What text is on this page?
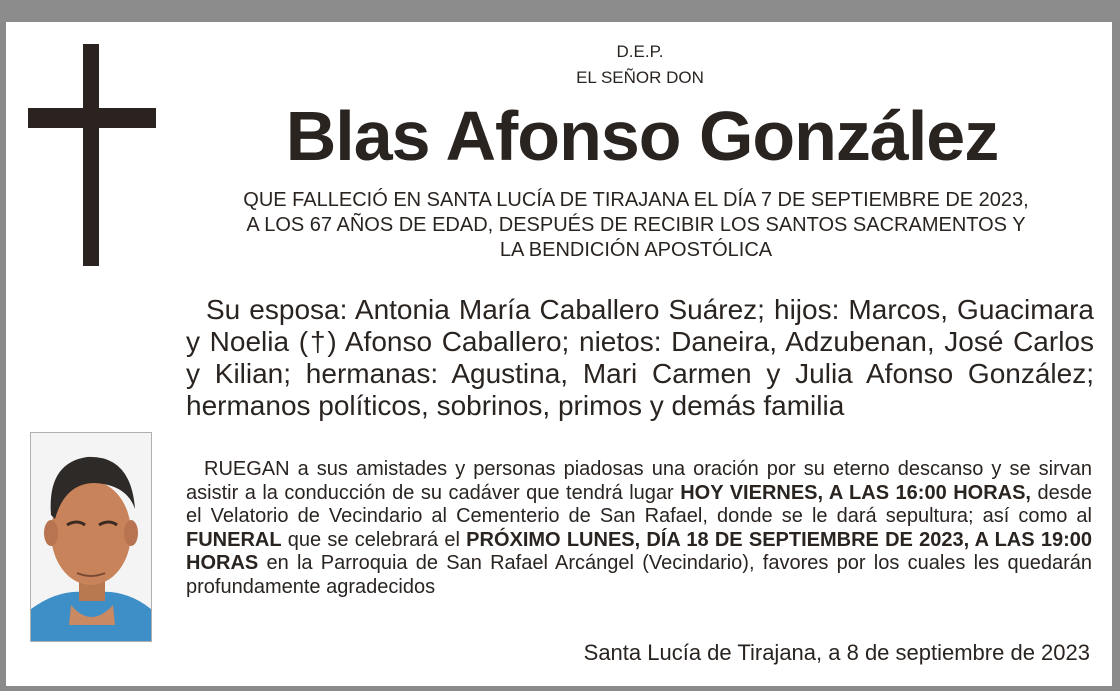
D.E.P.
EL SEÑOR DON
Blas Afonso González
QUE FALLECIÓ EN SANTA LUCÍA DE TIRAJANA EL DÍA 7 DE SEPTIEMBRE DE 2023,
A LOS 67 AÑOS DE EDAD, DESPUÉS DE RECIBIR LOS SANTOS SACRAMENTOS Y
LA BENDICIÓN APOSTÓLICA
Su esposa: Antonia María Caballero Suárez; hijos: Marcos, Guacimara y Noelia (†) Afonso Caballero; nietos: Daneira, Adzubenan, José Carlos y Kilian; hermanas: Agustina, Mari Carmen y Julia Afonso González; hermanos políticos, sobrinos, primos y demás familia
RUEGAN a sus amistades y personas piadosas una oración por su eterno descanso y se sirvan asistir a la conducción de su cadáver que tendrá lugar HOY VIERNES, A LAS 16:00 HORAS, desde el Velatorio de Vecindario al Cementerio de San Rafael, donde se le dará sepultura; así como al FUNERAL que se celebrará el PRÓXIMO LUNES, DÍA 18 DE SEPTIEMBRE DE 2023, A LAS 19:00 HORAS en la Parroquia de San Rafael Arcángel (Vecindario), favores por los cuales les quedarán profundamente agradecidos
Santa Lucía de Tirajana, a 8 de septiembre de 2023
